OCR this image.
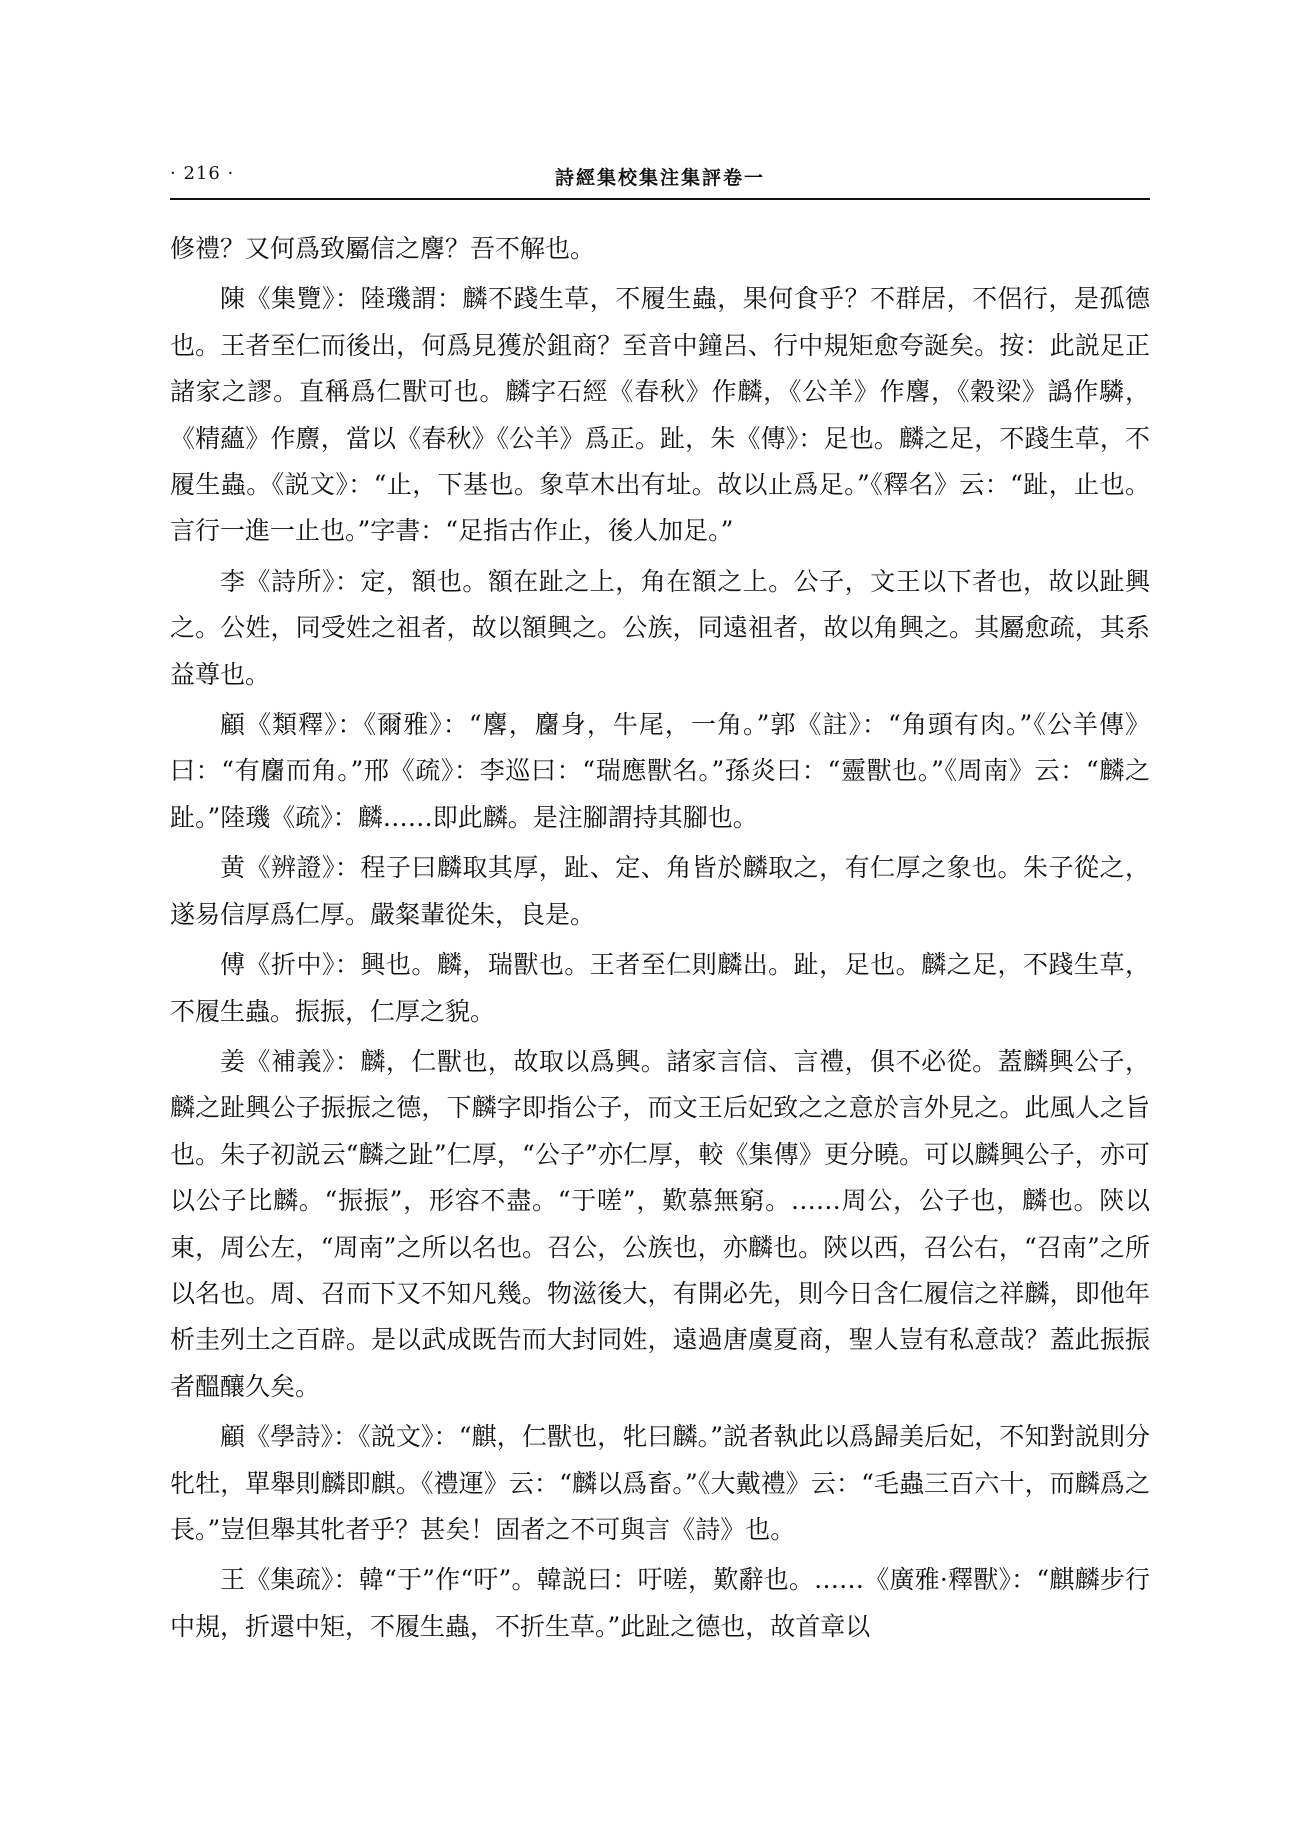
· 216 ·	詩經集校集注集評卷一

修禮？又何爲致屬信之麐？吾不解也。

陳《集覽》：陸璣謂：麟不踐生草，不履生蟲，果何食乎？不群居，不侶行，是孤德也。王者至仁而後出，何爲見獲於鉏商？至音中鐘呂、行中規矩愈夸誕矣。按：此説足正諸家之謬。直稱爲仁獸可也。麟字石經《春秋》作麟，《公羊》作麐，《穀梁》譌作驎，《精蘊》作麖，當以《春秋》《公羊》爲正。趾，朱《傳》：足也。麟之足，不踐生草，不履生蟲。《説文》：“止，下基也。象草木出有址。故以止爲足。”《釋名》云：“趾，止也。言行一進一止也。”字書：“足指古作止，後人加足。”

李《詩所》：定，額也。額在趾之上，角在額之上。公子，文王以下者也，故以趾興之。公姓，同受姓之祖者，故以額興之。公族，同遠祖者，故以角興之。其屬愈疏，其系益尊也。

顧《類釋》：《爾雅》：“麐，麕身，牛尾，一角。”郭《註》：“角頭有肉。”《公羊傳》曰：“有麕而角。”邢《疏》：李巡曰：“瑞應獸名。”孫炎曰：“靈獸也。”《周南》云：“麟之趾。”陸璣《疏》：麟……即此麟。是注腳謂持其腳也。

黄《辨證》：程子曰麟取其厚，趾、定、角皆於麟取之，有仁厚之象也。朱子從之，遂易信厚爲仁厚。嚴粲輩從朱，良是。

傅《折中》：興也。麟，瑞獸也。王者至仁則麟出。趾，足也。麟之足，不踐生草，不履生蟲。振振，仁厚之貌。

姜《補義》：麟，仁獸也，故取以爲興。諸家言信、言禮，俱不必從。蓋麟興公子，麟之趾興公子振振之德，下麟字即指公子，而文王后妃致之之意於言外見之。此風人之旨也。朱子初説云“麟之趾”仁厚，“公子”亦仁厚，較《集傳》更分曉。可以麟興公子，亦可以公子比麟。“振振”，形容不盡。“于嗟”，歎慕無窮。……周公，公子也，麟也。陝以東，周公左，“周南”之所以名也。召公，公族也，亦麟也。陝以西，召公右，“召南”之所以名也。周、召而下又不知凡幾。物滋後大，有開必先，則今日含仁履信之祥麟，即他年析圭列土之百辟。是以武成既告而大封同姓，遠過唐虞夏商，聖人豈有私意哉？蓋此振振者醞釀久矣。

顧《學詩》：《説文》：“麒，仁獸也，牝曰麟。”説者執此以爲歸美后妃，不知對説則分牝牡，單舉則麟即麒。《禮運》云：“麟以爲畜。”《大戴禮》云：“毛蟲三百六十，而麟爲之長。”豈但舉其牝者乎？甚矣！固者之不可與言《詩》也。

王《集疏》：韓“于”作“吁”。韓説曰：吁嗟，歎辭也。……《廣雅·釋獸》：“麒麟步行中規，折還中矩，不履生蟲，不折生草。”此趾之德也，故首章以
